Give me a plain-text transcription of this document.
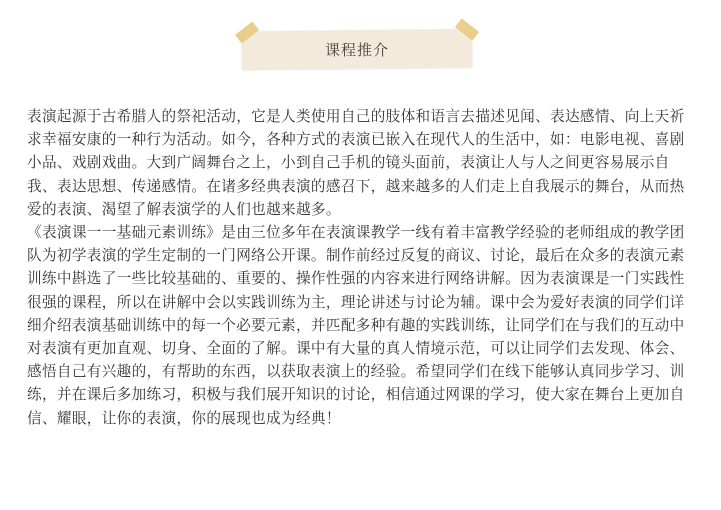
课程推介

表演起源于古希腊人的祭祀活动，它是人类使用自己的肢体和语言去描述见闻、表达感情、向上天祈求幸福安康的一种行为活动。如今，各种方式的表演已嵌入在现代人的生活中，如：电影电视、喜剧小品、戏剧戏曲。大到广阔舞台之上，小到自己手机的镜头面前，表演让人与人之间更容易展示自我、表达思想、传递感情。在诸多经典表演的感召下，越来越多的人们走上自我展示的舞台，从而热爱的表演、渴望了解表演学的人们也越来越多。

《表演课一一基础元素训练》是由三位多年在表演课教学一线有着丰富教学经验的老师组成的教学团队为初学表演的学生定制的一门网络公开课。制作前经过反复的商议、讨论，最后在众多的表演元素训练中斟选了一些比较基础的、重要的、操作性强的内容来进行网络讲解。因为表演课是一门实践性很强的课程，所以在讲解中会以实践训练为主，理论讲述与讨论为辅。课中会为爱好表演的同学们详细介绍表演基础训练中的每一个必要元素，并匹配多种有趣的实践训练，让同学们在与我们的互动中对表演有更加直观、切身、全面的了解。课中有大量的真人情境示范，可以让同学们去发现、体会、感悟自己有兴趣的，有帮助的东西，以获取表演上的经验。希望同学们在线下能够认真同步学习、训练，并在课后多加练习，积极与我们展开知识的讨论，相信通过网课的学习，使大家在舞台上更加自信、耀眼，让你的表演，你的展现也成为经典！
